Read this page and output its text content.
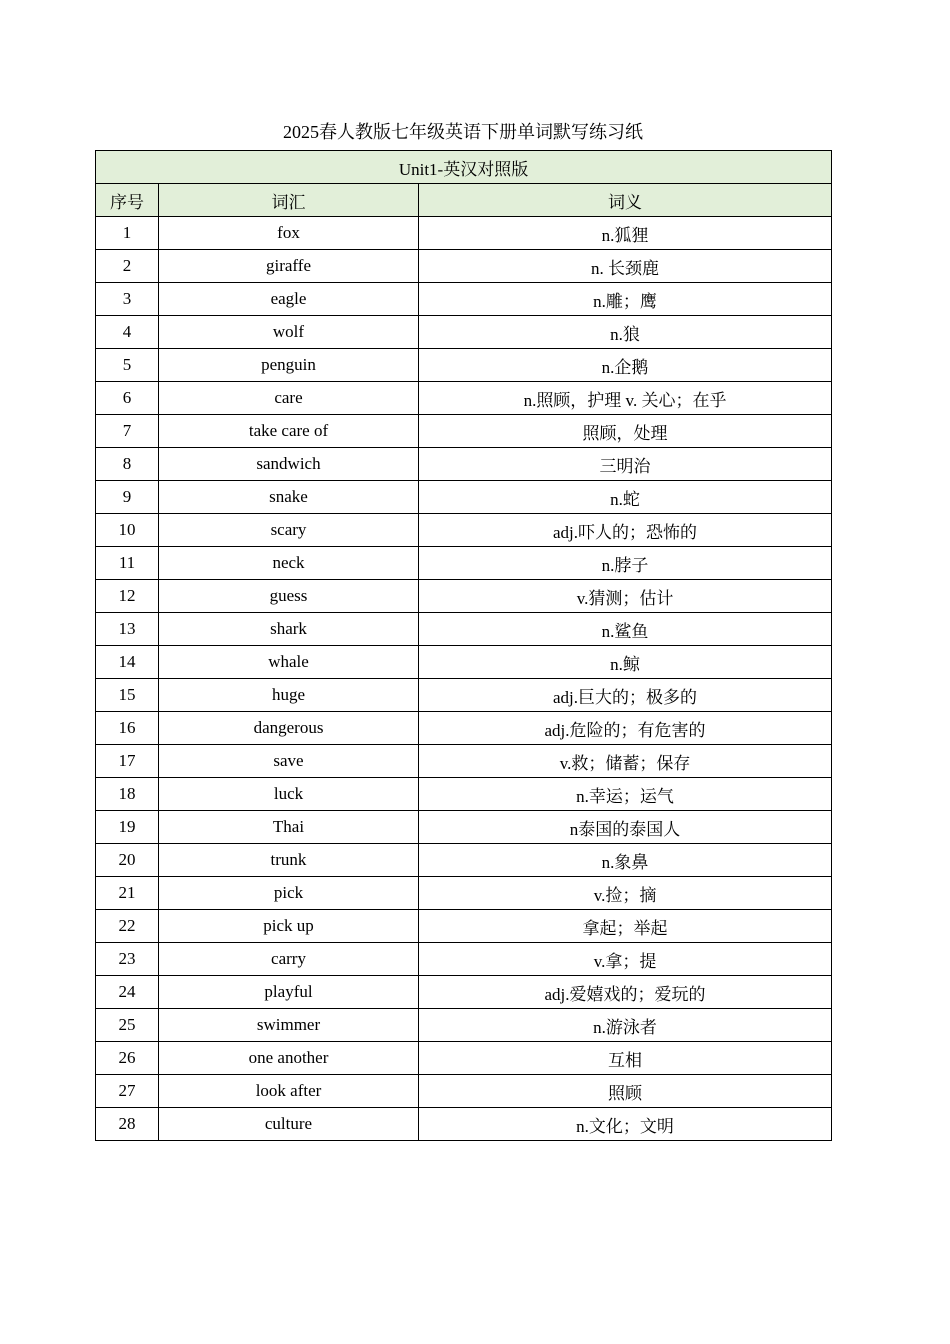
2025春人教版七年级英语下册单词默写练习纸
Unit1-英汉对照版		
序号	词汇	词义
1	fox	n.狐狸
2	giraffe	n. 长颈鹿
3	eagle	n.雕；鹰
4	wolf	n.狼
5	penguin	n.企鹅
6	care	n.照顾，护理 v. 关心；在乎
7	take care of	照顾，处理
8	sandwich	三明治
9	snake	n.蛇
10	scary	adj.吓人的；恐怖的
11	neck	n.脖子
12	guess	v.猜测；估计
13	shark	n.鲨鱼
14	whale	n.鲸
15	huge	adj.巨大的；极多的
16	dangerous	adj.危险的；有危害的
17	save	v.救；储蓄；保存
18	luck	n.幸运；运气
19	Thai	n泰国的泰国人
20	trunk	n.象鼻
21	pick	v.捡；摘
22	pick up	拿起；举起
23	carry	v.拿；提
24	playful	adj.爱嬉戏的；爱玩的
25	swimmer	n.游泳者
26	one another	互相
27	look after	照顾
28	culture	n.文化；文明
